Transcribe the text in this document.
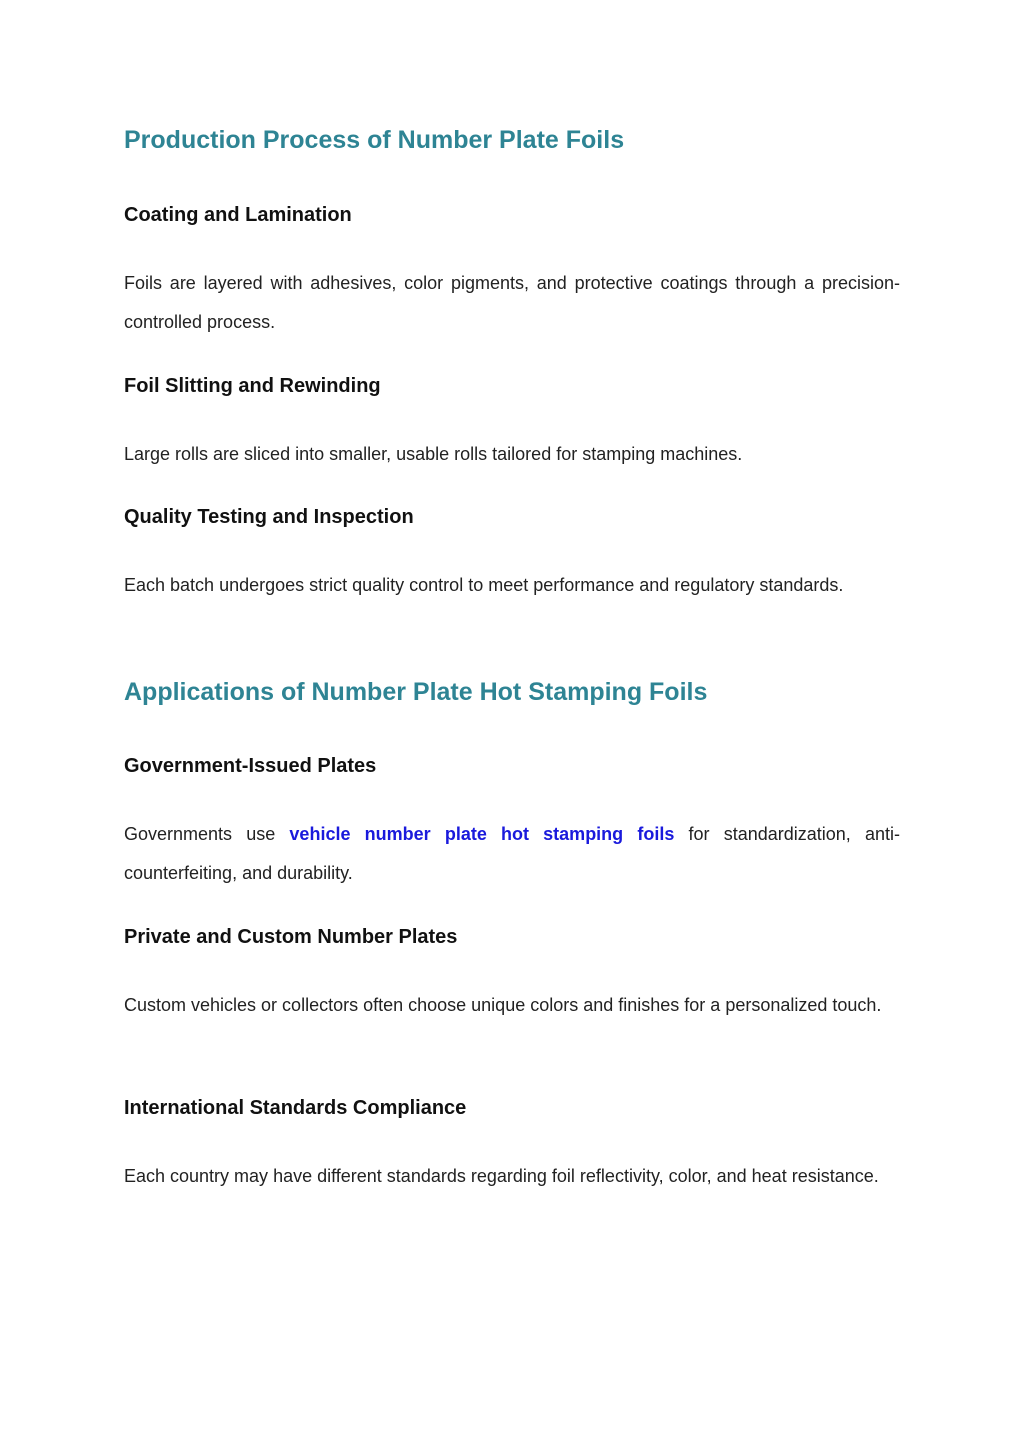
Production Process of Number Plate Foils
Coating and Lamination

Foils are layered with adhesives, color pigments, and protective coatings through a precision-controlled process.

Foil Slitting and Rewinding

Large rolls are sliced into smaller, usable rolls tailored for stamping machines.

Quality Testing and Inspection

Each batch undergoes strict quality control to meet performance and regulatory standards.

Applications of Number Plate Hot Stamping Foils
Government-Issued Plates

Governments use vehicle number plate hot stamping foils for standardization, anti-counterfeiting, and durability.

Private and Custom Number Plates

Custom vehicles or collectors often choose unique colors and finishes for a personalized touch.

International Standards Compliance

Each country may have different standards regarding foil reflectivity, color, and heat resistance.
